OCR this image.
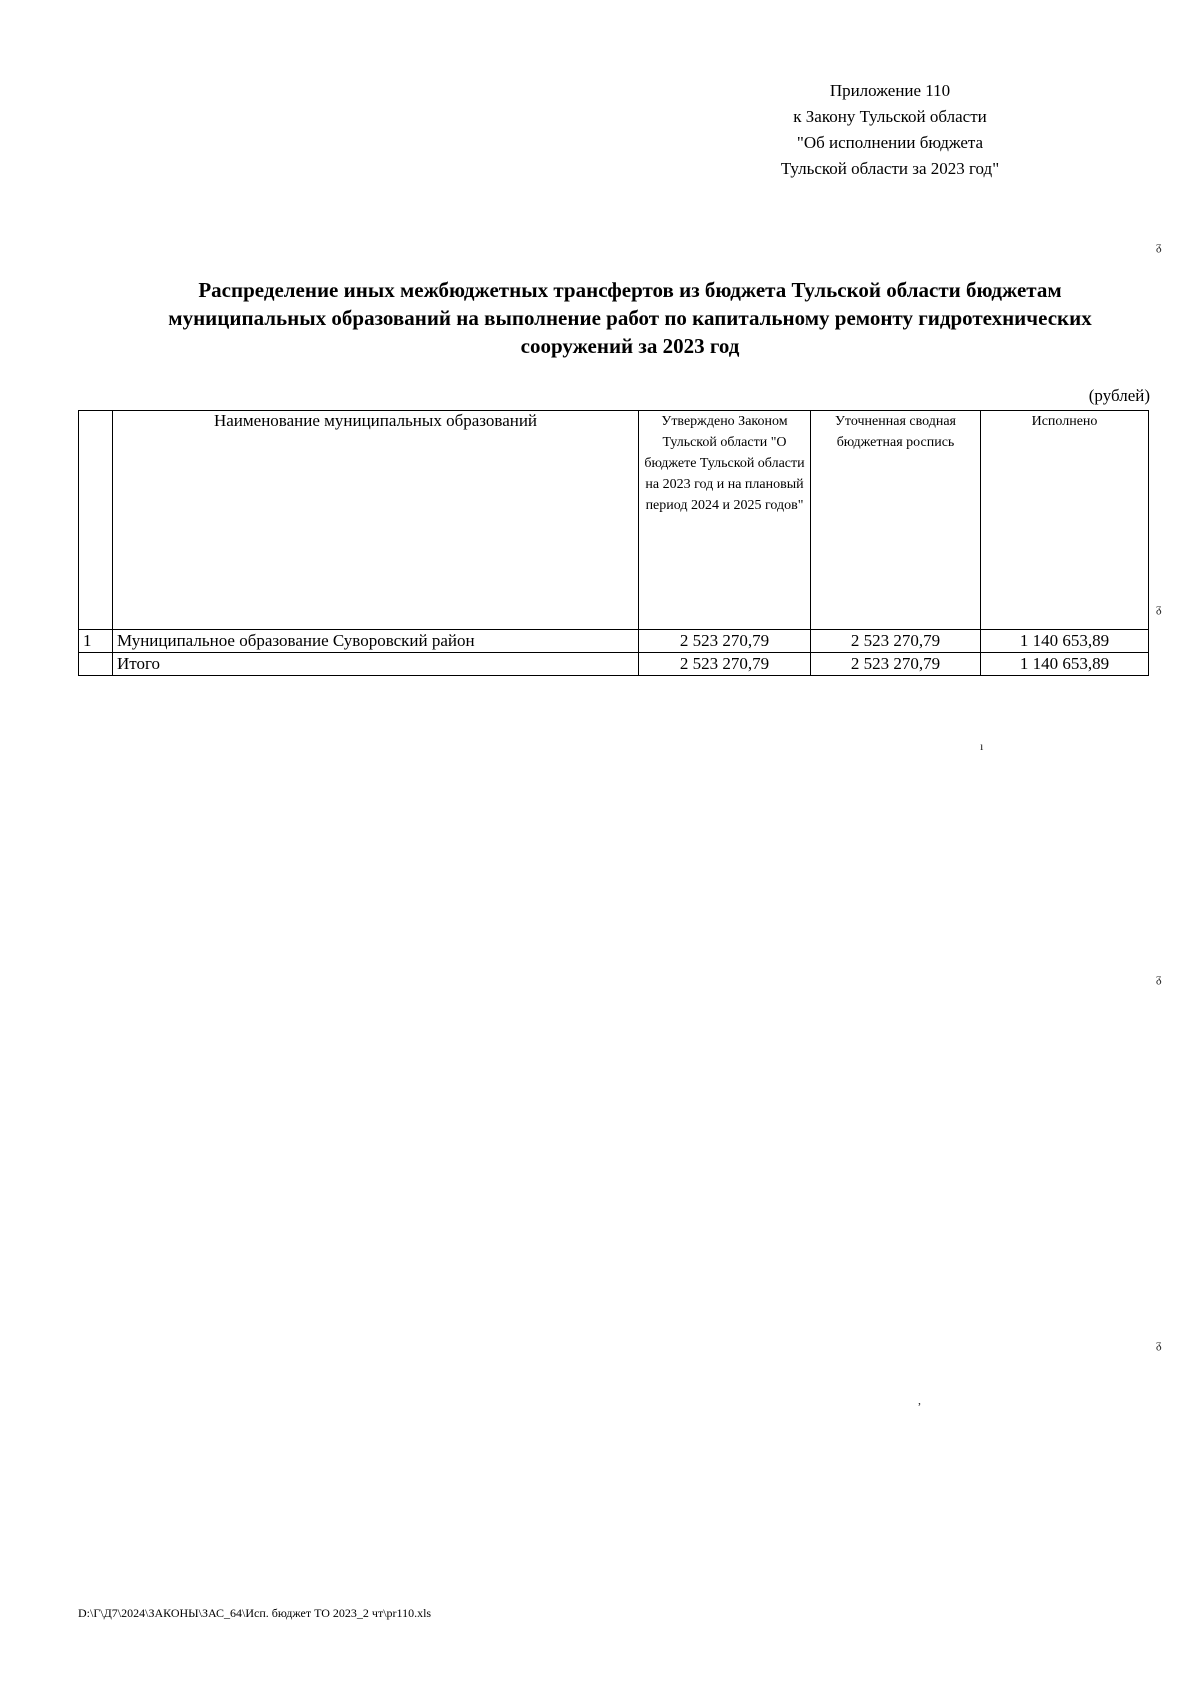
Приложение 110
к Закону Тульской области
"Об исполнении бюджета
Тульской области за 2023 год"
Распределение иных межбюджетных трансфертов из бюджета Тульской области бюджетам
муниципальных образований на выполнение работ по капитальному ремонту гидротехнических
сооружений за 2023 год
(рублей)
	Наименование муниципальных образований	Утверждено Законом Тульской области "О бюджете Тульской области на 2023 год и на плановый период 2024 и 2025 годов"	Уточненная сводная бюджетная роспись	Исполнено
1	Муниципальное образование Суворовский район	2 523 270,79	2 523 270,79	1 140 653,89
	Итого	2 523 270,79	2 523 270,79	1 140 653,89
D:\Г\Д7\2024\ЗАКОНЫ\ЗАС_64\Исп. бюджет ТО 2023_2 чт\pr110.xls
ᵹ
ᵹ
ı
ᵹ
ᵹ
,
